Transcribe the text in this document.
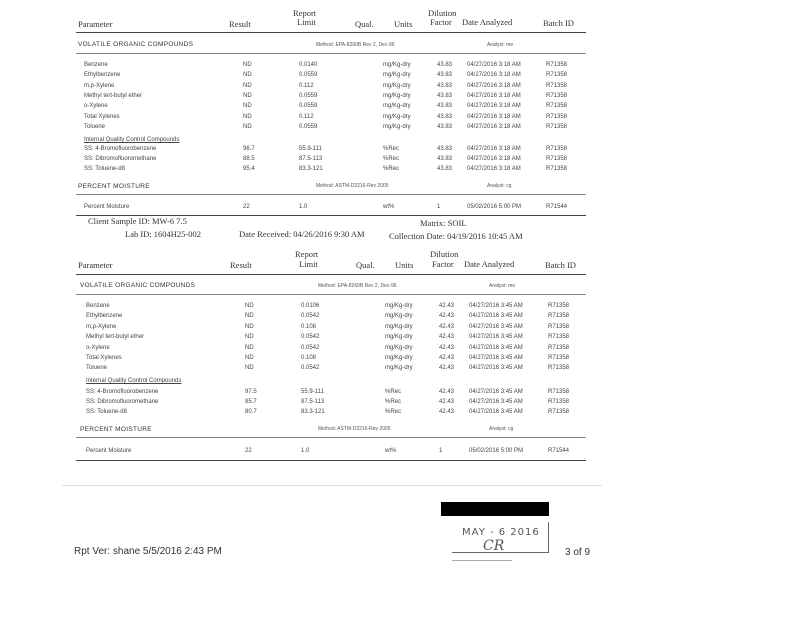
Report	Dilution
Parameter	Result	Limit	Qual. Units Factor Date Analyzed	Batch ID
VOLATILE ORGANIC COMPOUNDS	Method: EPA-8260B Rev 2, Dec-96	Analyst: me
Benzene	ND	0.0140	mg/Kg-dry	43.83 04/27/2016 3:18 AM	R71358
Ethylbenzene	ND	0.0559	mg/Kg-dry	43.83 04/27/2016 3:18 AM	R71358
m,p-Xylene	ND	0.112	mg/Kg-dry	43.83 04/27/2016 3:18 AM	R71358
Methyl tert-butyl ether	ND	0.0559	mg/Kg-dry	43.83 04/27/2016 3:18 AM	R71358
o-Xylene	ND	0.0559	mg/Kg-dry	43.83 04/27/2016 3:18 AM	R71358
Total Xylenes	ND	0.112	mg/Kg-dry	43.83 04/27/2016 3:18 AM	R71358
Toluene	ND	0.0559	mg/Kg-dry	43.83 04/27/2016 3:18 AM	R71358
Internal Quality Control Compounds
SS: 4-Bromofluorobenzene	96.7	55.9-111	%Rec	43.83 04/27/2016 3:18 AM	R71358
SS: Dibromofluoromethane	88.5	87.5-113	%Rec	43.83 04/27/2016 3:18 AM	R71358
SS: Toluene-d8	95.4	83.3-121	%Rec	43.83 04/27/2016 3:18 AM	R71358
PERCENT MOISTURE	Method: ASTM-D2216-Rev 2005	Analyst: cg
Percent Moisture	22	1.0	wt%	1	05/02/2016 5:00 PM	R71544
Client Sample ID: MW-6 7.5	Matrix: SOIL
Lab ID: 1604H25-002	Date Received: 04/26/2016 9:30 AM	Collection Date: 04/19/2016 10:45 AM
Report	Dilution
Parameter	Result	Limit	Qual. Units Factor Date Analyzed	Batch ID
VOLATILE ORGANIC COMPOUNDS	Method: EPA-8260B Rev 2, Dec-96	Analyst: me
Benzene	ND	0.0106	mg/Kg-dry	42.43 04/27/2016 3:45 AM	R71358
Ethylbenzene	ND	0.0542	mg/Kg-dry	42.43 04/27/2016 3:45 AM	R71358
m,p-Xylene	ND	0.108	mg/Kg-dry	42.43 04/27/2016 3:45 AM	R71358
Methyl tert-butyl ether	ND	0.0542	mg/Kg-dry	42.43 04/27/2016 3:45 AM	R71358
o-Xylene	ND	0.0542	mg/Kg-dry	42.43 04/27/2016 3:45 AM	R71358
Total Xylenes	ND	0.108	mg/Kg-dry	42.43 04/27/2016 3:45 AM	R71358
Toluene	ND	0.0542	mg/Kg-dry	42.43 04/27/2016 3:45 AM	R71358
Internal Quality Control Compounds
SS: 4-Bromofluorobenzene	97.5	55.9-111	%Rec	42.43 04/27/2016 3:45 AM	R71358
SS: Dibromofluoromethane	85.7	87.5-113	%Rec	42.43 04/27/2016 3:45 AM	R71358
SS: Toluene-d8	80.7	83.3-121	%Rec	42.43 04/27/2016 3:45 AM	R71358
PERCENT MOISTURE	Method: ASTM-D2216-Rev 2005	Analyst: cg
Percent Moisture	22	1.0	wt%	1	05/02/2016 5:00 PM	R71544
Rpt Ver: shane 5/5/2016 2:43 PM	3 of 9
MAY - 6 2016
CR
